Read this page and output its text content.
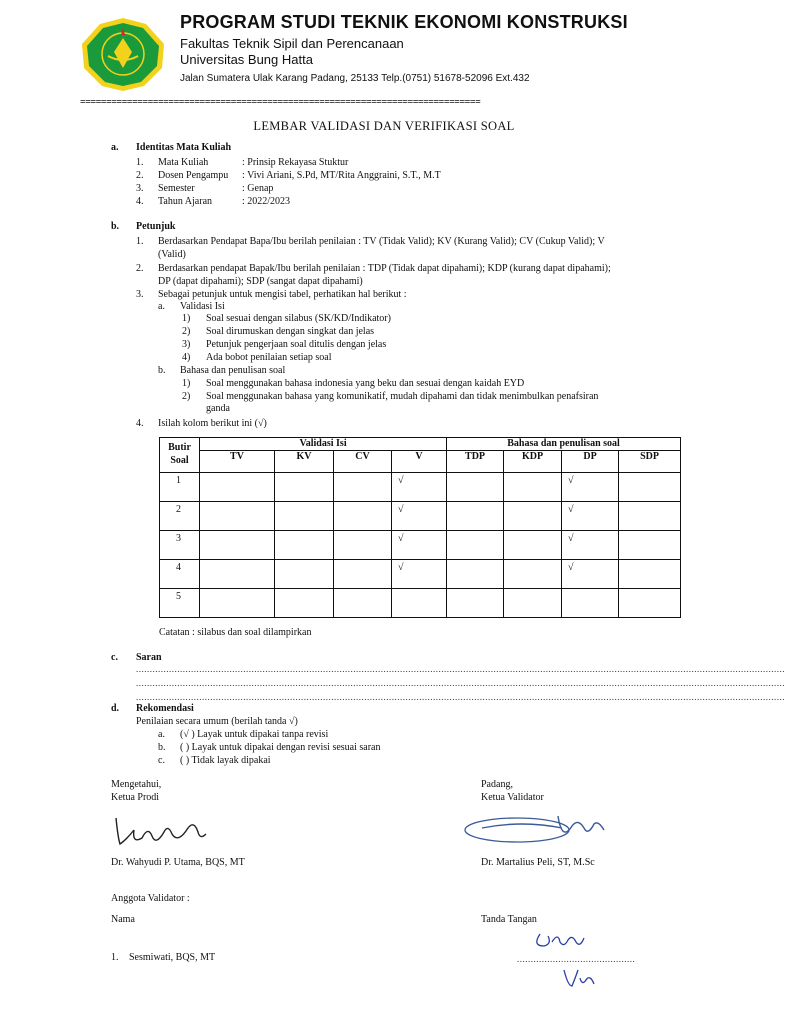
PROGRAM STUDI TEKNIK EKONOMI KONSTRUKSI
Fakultas Teknik Sipil dan Perencanaan
Universitas Bung Hatta
Jalan Sumatera Ulak Karang Padang, 25133 Telp.(0751) 51678-52096 Ext.432
=============================================================================
LEMBAR VALIDASI DAN VERIFIKASI SOAL
a. Identitas Mata Kuliah
1. Mata Kuliah	: Prinsip Rekayasa Stuktur
2. Dosen Pengampu : Vivi Ariani, S.Pd, MT/Rita Anggraini, S.T., M.T
3. Semester	: Genap
4. Tahun Ajaran	: 2022/2023
b. Petunjuk
1. Berdasarkan Pendapat Bapa/Ibu berilah penilaian : TV (Tidak Valid); KV (Kurang Valid); CV (Cukup Valid); V
(Valid)
2. Berdasarkan pendapat Bapak/Ibu berilah penilaian : TDP (Tidak dapat dipahami); KDP (kurang dapat dipahami);
DP (dapat dipahami); SDP (sangat dapat dipahami)
3. Sebagai petunjuk untuk mengisi tabel, perhatikan hal berikut :
a. Validasi Isi
1) Soal sesuai dengan silabus (SK/KD/Indikator)
2) Soal dirumuskan dengan singkat dan jelas
3) Petunjuk pengerjaan soal ditulis dengan jelas
4) Ada bobot penilaian setiap soal
b. Bahasa dan penulisan soal
1) Soal menggunakan bahasa indonesia yang beku dan sesuai dengan kaidah EYD
2) Soal menggunakan bahasa yang komunikatif, mudah dipahami dan tidak menimbulkan penafsiran
ganda
4. Isilah kolom berikut ini (√)
Butir Soal	Validasi Isi				Bahasa dan penulisan soal			
	TV	KV	CV	V	TDP	KDP	DP	SDP
1				√			√	
2				√			√	
3				√			√	
4				√			√	
5								
Catatan : silabus dan soal dilampirkan
c. Saran
............................................................................................................................................................................................................................................
............................................................................................................................................................................................................................................
............................................................................................................................................................................................................................................
d. Rekomendasi
Penilaian secara umum (berilah tanda √)
a. (√ ) Layak untuk dipakai tanpa revisi
b. ( ) Layak untuk dipakai dengan revisi sesuai saran
c. ( ) Tidak layak dipakai
Mengetahui,
Ketua Prodi
Padang,
Ketua Validator
Dr. Wahyudi P. Utama, BQS, MT	Dr. Martalius Peli, ST, M.Sc
Anggota Validator :
Nama	Tanda Tangan
1. Sesmiwati, BQS, MT	...........................................
